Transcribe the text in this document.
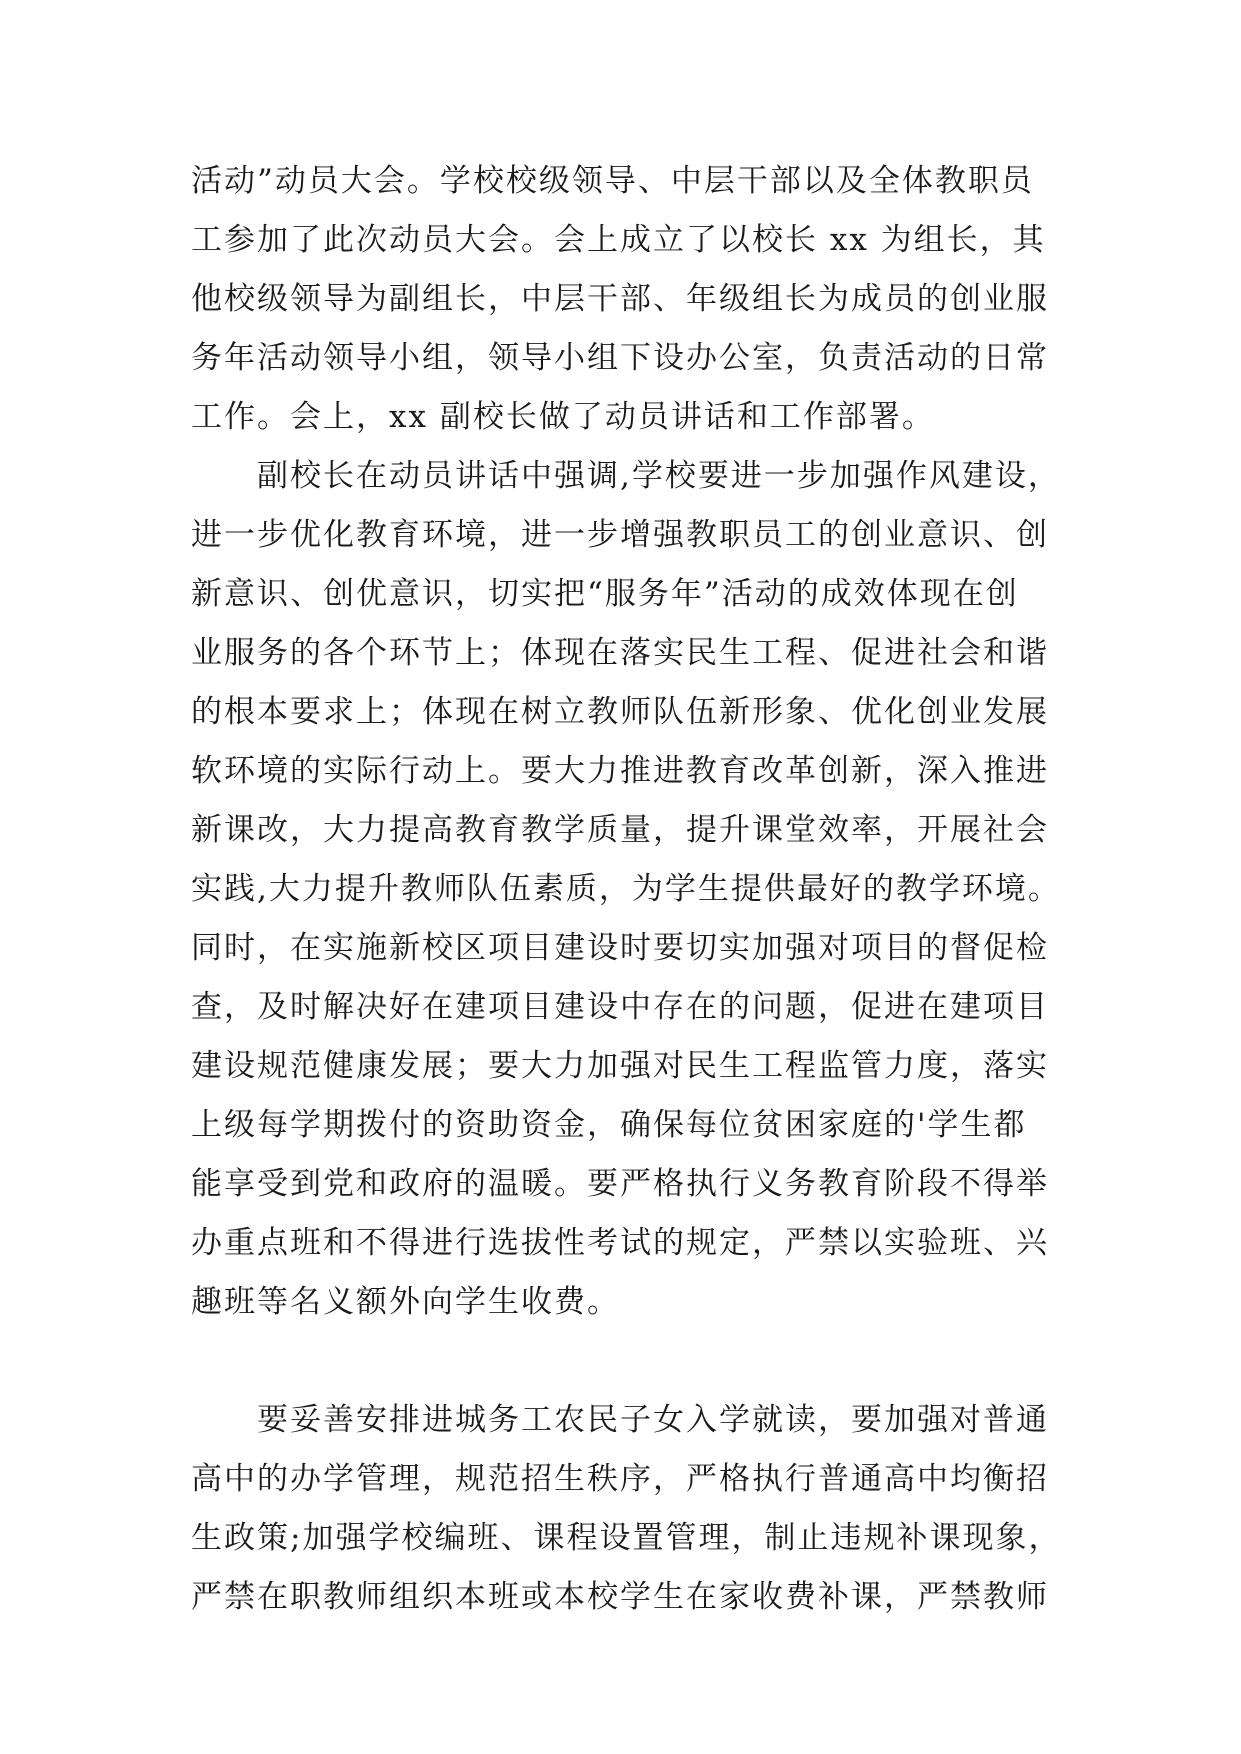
活动”动员大会。学校校级领导、中层干部以及全体教职员
工参加了此次动员大会。会上成立了以校长 xx 为组长，其
他校级领导为副组长，中层干部、年级组长为成员的创业服
务年活动领导小组，领导小组下设办公室，负责活动的日常
工作。会上，xx 副校长做了动员讲话和工作部署。
副校长在动员讲话中强调,学校要进一步加强作风建设，
进一步优化教育环境，进一步增强教职员工的创业意识、创
新意识、创优意识，切实把“服务年”活动的成效体现在创
业服务的各个环节上；体现在落实民生工程、促进社会和谐
的根本要求上；体现在树立教师队伍新形象、优化创业发展
软环境的实际行动上。要大力推进教育改革创新，深入推进
新课改，大力提高教育教学质量，提升课堂效率，开展社会
实践,大力提升教师队伍素质，为学生提供最好的教学环境。
同时，在实施新校区项目建设时要切实加强对项目的督促检
查，及时解决好在建项目建设中存在的问题，促进在建项目
建设规范健康发展；要大力加强对民生工程监管力度，落实
上级每学期拨付的资助资金，确保每位贫困家庭的'学生都
能享受到党和政府的温暖。要严格执行义务教育阶段不得举
办重点班和不得进行选拔性考试的规定，严禁以实验班、兴
趣班等名义额外向学生收费。
要妥善安排进城务工农民子女入学就读，要加强对普通
高中的办学管理，规范招生秩序，严格执行普通高中均衡招
生政策;加强学校编班、课程设置管理，制止违规补课现象，
严禁在职教师组织本班或本校学生在家收费补课，严禁教师
